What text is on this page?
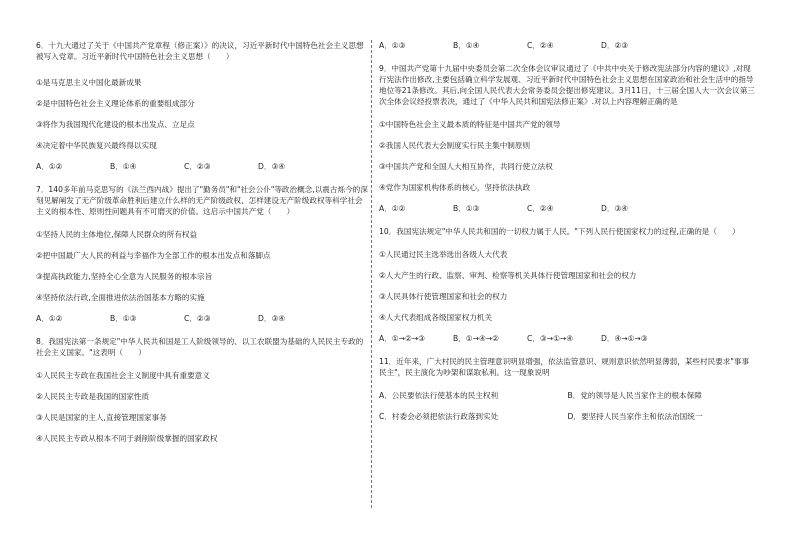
6．十九大通过了关于《中国共产党章程（修正案）》的决议，习近平新时代中国特色社会主义思想被写入党章。习近平新时代中国特色社会主义思想（　　）

①是马克思主义中国化最新成果

②是中国特色社会主义理论体系的重要组成部分

③将作为我国现代化建设的根本出发点、立足点

④决定着中华民族复兴最终得以实现

A．①②	B．①④	C．②③	D．③④

7．140多年前马克思写的《法兰西内战》提出了"勤务员"和"社会公仆"等政治概念,以震古烁今的深刻见解阐发了无产阶级革命胜利后建立什么样的无产阶级政权、怎样建设无产阶级政权等科学社会主义的根本性、原则性问题具有不可磨灭的价值。这启示中国共产党（　　）

①坚持人民的主体地位,保障人民群众的所有权益

②把中国最广大人民的利益与幸福作为全部工作的根本出发点和落脚点

③提高执政能力,坚持全心全意为人民服务的根本宗旨

④坚持依法行政,全面推进依法治国基本方略的实施

A．①②	B．①③	C．②③	D．③④

8．我国宪法第一条规定"中华人民共和国是工人阶级领导的、以工农联盟为基础的人民民主专政的社会主义国家。"这表明（　　）

①人民民主专政在我国社会主义制度中具有重要意义

②人民民主专政是我国的国家性质

③人民是国家的主人,直接管理国家事务

④人民民主专政从根本不同于剥削阶级掌握的国家政权

A．①③	B．①④	C．②④	D．②③

9．中国共产党第十九届中央委员会第二次全体会议审议通过了《中共中央关于修改宪法部分内容的建议》,对现行宪法作出修改,主要包括确立科学发展观、习近平新时代中国特色社会主义思想在国家政治和社会生活中的指导地位等21条修改。其后,向全国人民代表大会常务委员会提出修宪建议。3月11日，十三届全国人大一次会议第三次全体会议经投票表决，通过了《中华人民共和国宪法修正案》.对以上内容理解正确的是

①中国特色社会主义最本质的特征是中国共产党的领导

②我国人民代表大会制度实行民主集中制原则

③中国共产党和全国人大相互协作，共同行使立法权

④党作为国家机构体系的核心，坚持依法执政

A．①②	B．①③	C．②④	D．③④

10．我国宪法规定"中华人民共和国的一切权力属于人民。"下列人民行使国家权力的过程,正确的是（　　）

①人民通过民主选举选出各级人大代表

②人大产生的行政、监察、审判、检察等机关具体行使管理国家和社会的权力

③人民具体行使管理国家和社会的权力

④人大代表组成各级国家权力机关

A．①→②→③	B．①→④→②	C．③→①→④	D．④→①→③

11．近年来，广大村民的民主管理意识明显增强，依法监管意识、规则意识依然明显薄弱，某些村民要求"事事民主"，民主演化为吵架和谋取私利。这一现象说明

A．公民要依法行使基本的民主权利	B．党的领导是人民当家作主的根本保障
C．村委会必须把依法行政落到实处	D．要坚持人民当家作主和依法治国统一
